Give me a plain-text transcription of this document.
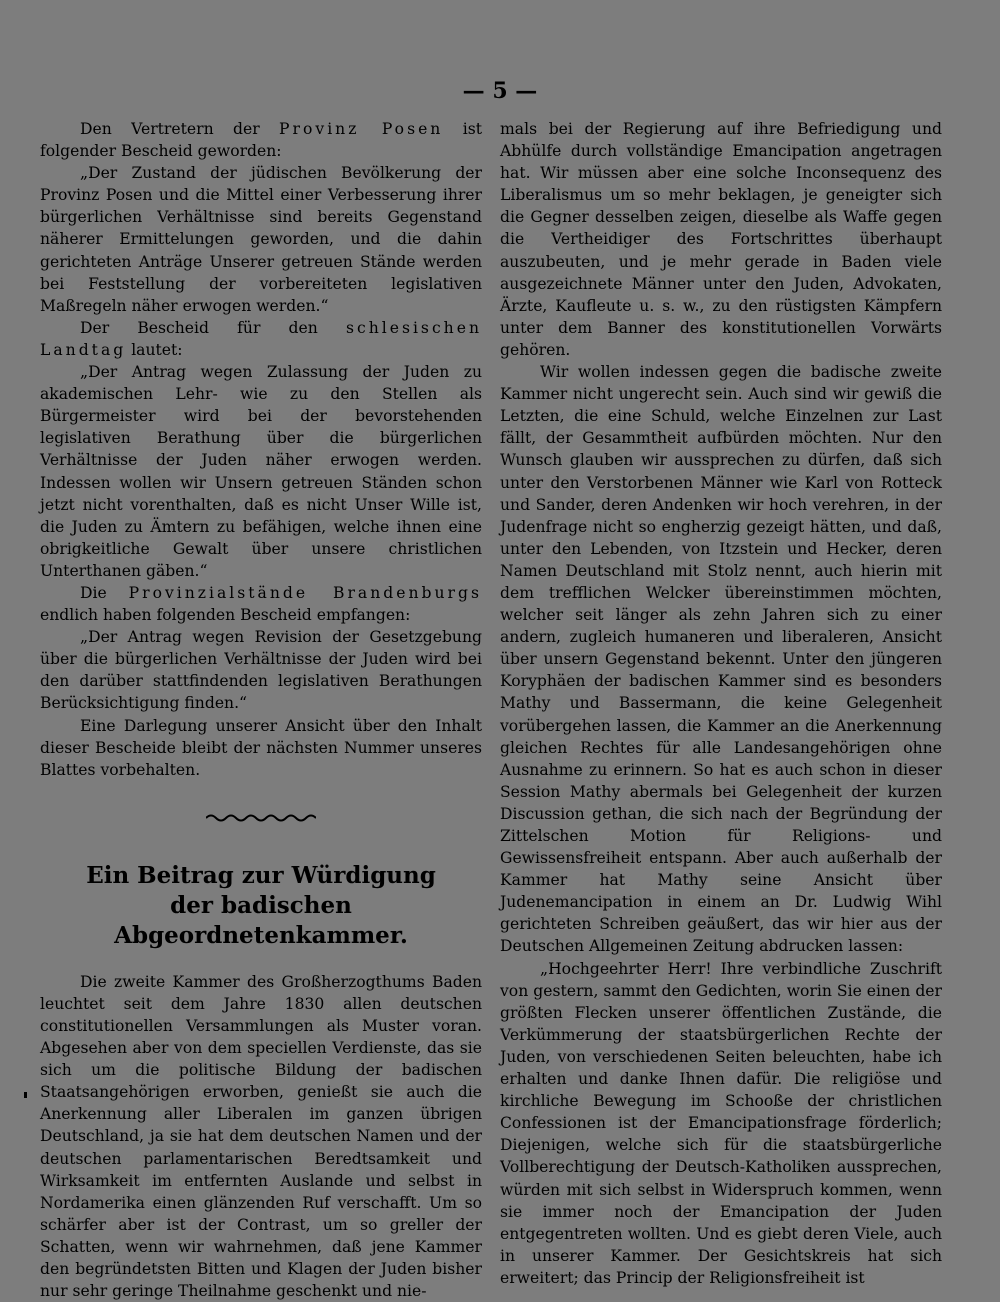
— 5 —

Den Vertretern der Provinz Posen ist folgender Bescheid geworden:

„Der Zustand der jüdischen Bevölkerung der Provinz Posen und die Mittel einer Verbesserung ihrer bürgerlichen Verhältnisse sind bereits Gegenstand näherer Ermittelungen geworden, und die dahin gerichteten Anträge Unserer getreuen Stände werden bei Feststellung der vorbereiteten legislativen Maßregeln näher erwogen werden.“

Der Bescheid für den schlesischen Landtag lautet:

„Der Antrag wegen Zulassung der Juden zu akademischen Lehr- wie zu den Stellen als Bürgermeister wird bei der bevorstehenden legislativen Berathung über die bürgerlichen Verhältnisse der Juden näher erwogen werden. Indessen wollen wir Unsern getreuen Ständen schon jetzt nicht vorenthalten, daß es nicht Unser Wille ist, die Juden zu Ämtern zu befähigen, welche ihnen eine obrigkeitliche Gewalt über unsere christlichen Unterthanen gäben.“

Die Provinzialstände Brandenburgs endlich haben folgenden Bescheid empfangen:

„Der Antrag wegen Revision der Gesetzgebung über die bürgerlichen Verhältnisse der Juden wird bei den darüber stattfindenden legislativen Berathungen Berücksichtigung finden.“

Eine Darlegung unserer Ansicht über den Inhalt dieser Bescheide bleibt der nächsten Nummer unseres Blattes vorbehalten.

Ein Beitrag zur Würdigung
der badischen Abgeordnetenkammer.

Die zweite Kammer des Großherzogthums Baden leuchtet seit dem Jahre 1830 allen deutschen constitutionellen Versammlungen als Muster voran. Abgesehen aber von dem speciellen Verdienste, das sie sich um die politische Bildung der badischen Staatsangehörigen erworben, genießt sie auch die Anerkennung aller Liberalen im ganzen übrigen Deutschland, ja sie hat dem deutschen Namen und der deutschen parlamentarischen Beredtsamkeit und Wirksamkeit im entfernten Auslande und selbst in Nordamerika einen glänzenden Ruf verschafft. Um so schärfer aber ist der Contrast, um so greller der Schatten, wenn wir wahrnehmen, daß jene Kammer den begründetsten Bitten und Klagen der Juden bisher nur sehr geringe Theilnahme geschenkt und nie-

mals bei der Regierung auf ihre Befriedigung und Abhülfe durch vollständige Emancipation angetragen hat. Wir müssen aber eine solche Inconsequenz des Liberalismus um so mehr beklagen, je geneigter sich die Gegner desselben zeigen, dieselbe als Waffe gegen die Vertheidiger des Fortschrittes überhaupt auszubeuten, und je mehr gerade in Baden viele ausgezeichnete Männer unter den Juden, Advokaten, Ärzte, Kaufleute u. s. w., zu den rüstigsten Kämpfern unter dem Banner des konstitutionellen Vorwärts gehören.

Wir wollen indessen gegen die badische zweite Kammer nicht ungerecht sein. Auch sind wir gewiß die Letzten, die eine Schuld, welche Einzelnen zur Last fällt, der Gesammtheit aufbürden möchten. Nur den Wunsch glauben wir aussprechen zu dürfen, daß sich unter den Verstorbenen Männer wie Karl von Rotteck und Sander, deren Andenken wir hoch verehren, in der Judenfrage nicht so engherzig gezeigt hätten, und daß, unter den Lebenden, von Itzstein und Hecker, deren Namen Deutschland mit Stolz nennt, auch hierin mit dem trefflichen Welcker übereinstimmen möchten, welcher seit länger als zehn Jahren sich zu einer andern, zugleich humaneren und liberaleren, Ansicht über unsern Gegenstand bekennt. Unter den jüngeren Koryphäen der badischen Kammer sind es besonders Mathy und Bassermann, die keine Gelegenheit vorübergehen lassen, die Kammer an die Anerkennung gleichen Rechtes für alle Landesangehörigen ohne Ausnahme zu erinnern. So hat es auch schon in dieser Session Mathy abermals bei Gelegenheit der kurzen Discussion gethan, die sich nach der Begründung der Zittelschen Motion für Religions- und Gewissensfreiheit entspann. Aber auch außerhalb der Kammer hat Mathy seine Ansicht über Judenemancipation in einem an Dr. Ludwig Wihl gerichteten Schreiben geäußert, das wir hier aus der Deutschen Allgemeinen Zeitung abdrucken lassen:

„Hochgeehrter Herr! Ihre verbindliche Zuschrift von gestern, sammt den Gedichten, worin Sie einen der größten Flecken unserer öffentlichen Zustände, die Verkümmerung der staatsbürgerlichen Rechte der Juden, von verschiedenen Seiten beleuchten, habe ich erhalten und danke Ihnen dafür. Die religiöse und kirchliche Bewegung im Schooße der christlichen Confessionen ist der Emancipationsfrage förderlich; Diejenigen, welche sich für die staatsbürgerliche Vollberechtigung der Deutsch-Katholiken aussprechen, würden mit sich selbst in Widerspruch kommen, wenn sie immer noch der Emancipation der Juden entgegentreten wollten. Und es giebt deren Viele, auch in unserer Kammer. Der Gesichtskreis hat sich erweitert; das Princip der Religionsfreiheit ist
